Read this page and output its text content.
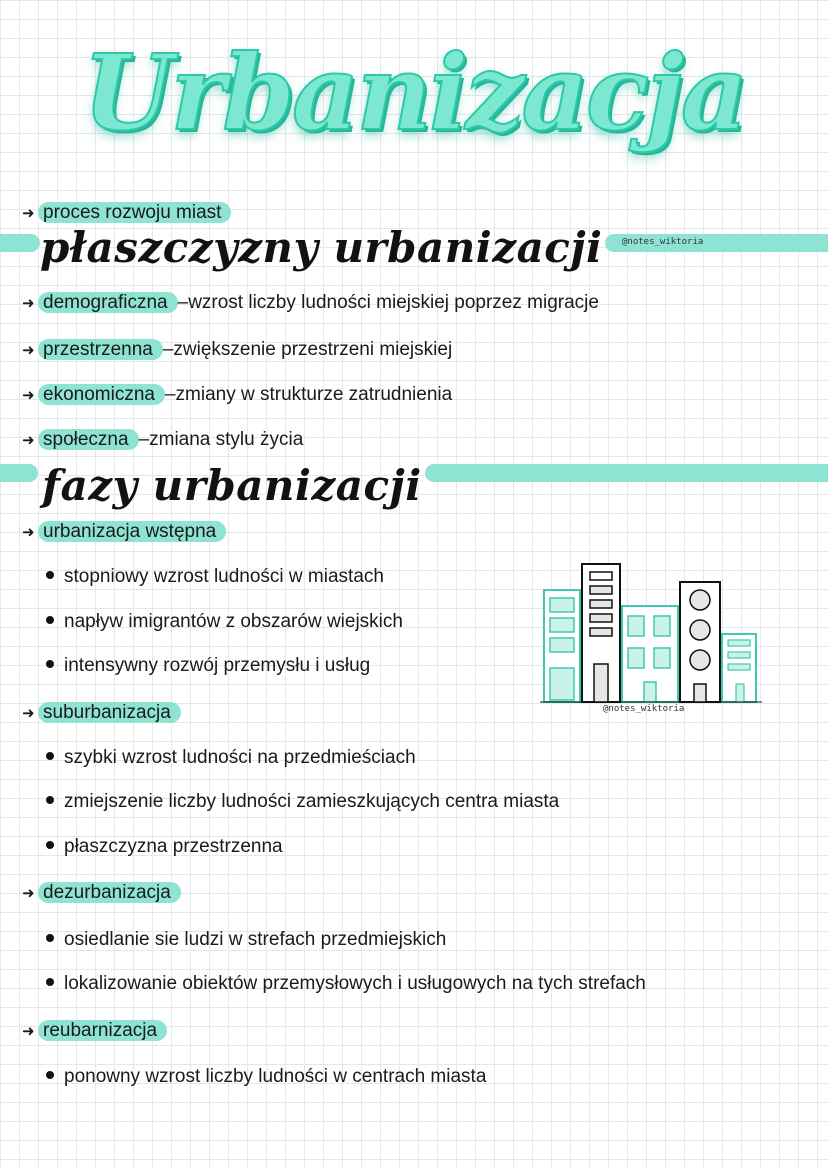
Urbanizacja
➜ proces rozwoju miast
@notes_wiktoria
płaszczyzny urbanizacji
➜ demograficzna –wzrost liczby ludności miejskiej poprzez migracje
➜ przestrzenna –zwiększenie przestrzeni miejskiej
➜ ekonomiczna –zmiany w strukturze zatrudnienia
➜ społeczna –zmiana stylu życia
fazy urbanizacji
➜ urbanizacja wstępna
stopniowy wzrost ludności w miastach
napływ imigrantów z obszarów wiejskich
intensywny rozwój przemysłu i usług
➜ suburbanizacja
szybki wzrost ludności na przedmieściach
zmiejszenie liczby ludności zamieszkujących centra miasta
płaszczyzna przestrzenna
➜ dezurbanizacja
osiedlanie sie ludzi w strefach przedmiejskich
lokalizowanie obiektów przemysłowych i usługowych na tych strefach
➜ reubarnizacja
ponowny wzrost liczby ludności w centrach miasta
@notes_wiktoria
